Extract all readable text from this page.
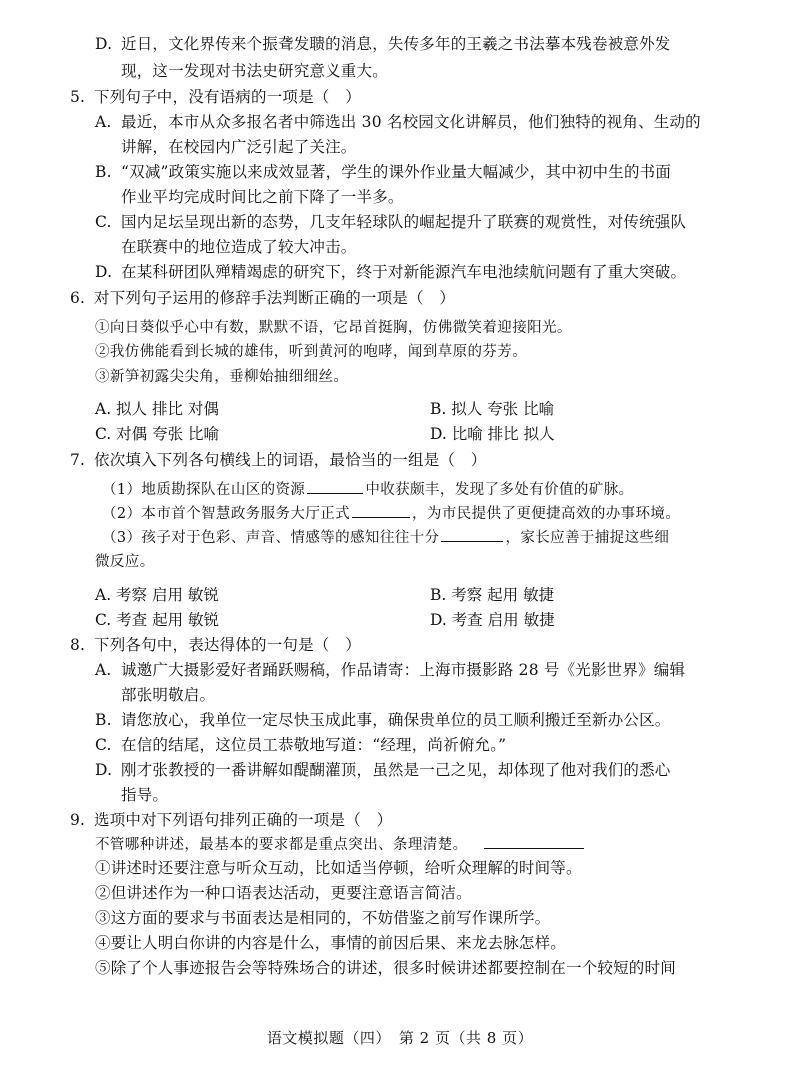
D. 近日，文化界传来个振聋发聩的消息，失传多年的王羲之书法摹本残卷被意外发
现，这一发现对书法史研究意义重大。
5. 下列句子中，没有语病的一项是（　）
A. 最近，本市从众多报名者中筛选出 30 名校园文化讲解员，他们独特的视角、生动的
讲解，在校园内广泛引起了关注。
B. “双减”政策实施以来成效显著，学生的课外作业量大幅减少，其中初中生的书面
作业平均完成时间比之前下降了一半多。
C. 国内足坛呈现出新的态势，几支年轻球队的崛起提升了联赛的观赏性，对传统强队
在联赛中的地位造成了较大冲击。
D. 在某科研团队殚精竭虑的研究下，终于对新能源汽车电池续航问题有了重大突破。
6. 对下列句子运用的修辞手法判断正确的一项是（　）
①向日葵似乎心中有数，默默不语，它昂首挺胸，仿佛微笑着迎接阳光。
②我仿佛能看到长城的雄伟，听到黄河的咆哮，闻到草原的芬芳。
③新笋初露尖尖角，垂柳始抽细细丝。
A. 拟人 排比 对偶	B. 拟人 夸张 比喻
C. 对偶 夸张 比喻	D. 比喻 排比 拟人
7. 依次填入下列各句横线上的词语，最恰当的一组是（　）
（1）地质勘探队在山区的资源	中收获颇丰，发现了多处有价值的矿脉。
（2）本市首个智慧政务服务大厅正式	，为市民提供了更便捷高效的办事环境。
（3）孩子对于色彩、声音、情感等的感知往往十分	，家长应善于捕捉这些细
微反应。
A. 考察 启用 敏锐	B. 考察 起用 敏捷
C. 考查 起用 敏锐	D. 考查 启用 敏捷
8. 下列各句中，表达得体的一句是（　）
A. 诚邀广大摄影爱好者踊跃赐稿，作品请寄：上海市摄影路 28 号《光影世界》编辑
部张明敬启。
B. 请您放心，我单位一定尽快玉成此事，确保贵单位的员工顺利搬迁至新办公区。
C. 在信的结尾，这位员工恭敬地写道：“经理，尚祈俯允。”
D. 刚才张教授的一番讲解如醍醐灌顶，虽然是一己之见，却体现了他对我们的悉心
指导。
9. 选项中对下列语句排列正确的一项是（　）
不管哪种讲述，最基本的要求都是重点突出、条理清楚。
①讲述时还要注意与听众互动，比如适当停顿，给听众理解的时间等。
②但讲述作为一种口语表达活动，更要注意语言简洁。
③这方面的要求与书面表达是相同的，不妨借鉴之前写作课所学。
④要让人明白你讲的内容是什么，事情的前因后果、来龙去脉怎样。
⑤除了个人事迹报告会等特殊场合的讲述，很多时候讲述都要控制在一个较短的时间
语文模拟题（四）　第 2 页（共 8 页）
